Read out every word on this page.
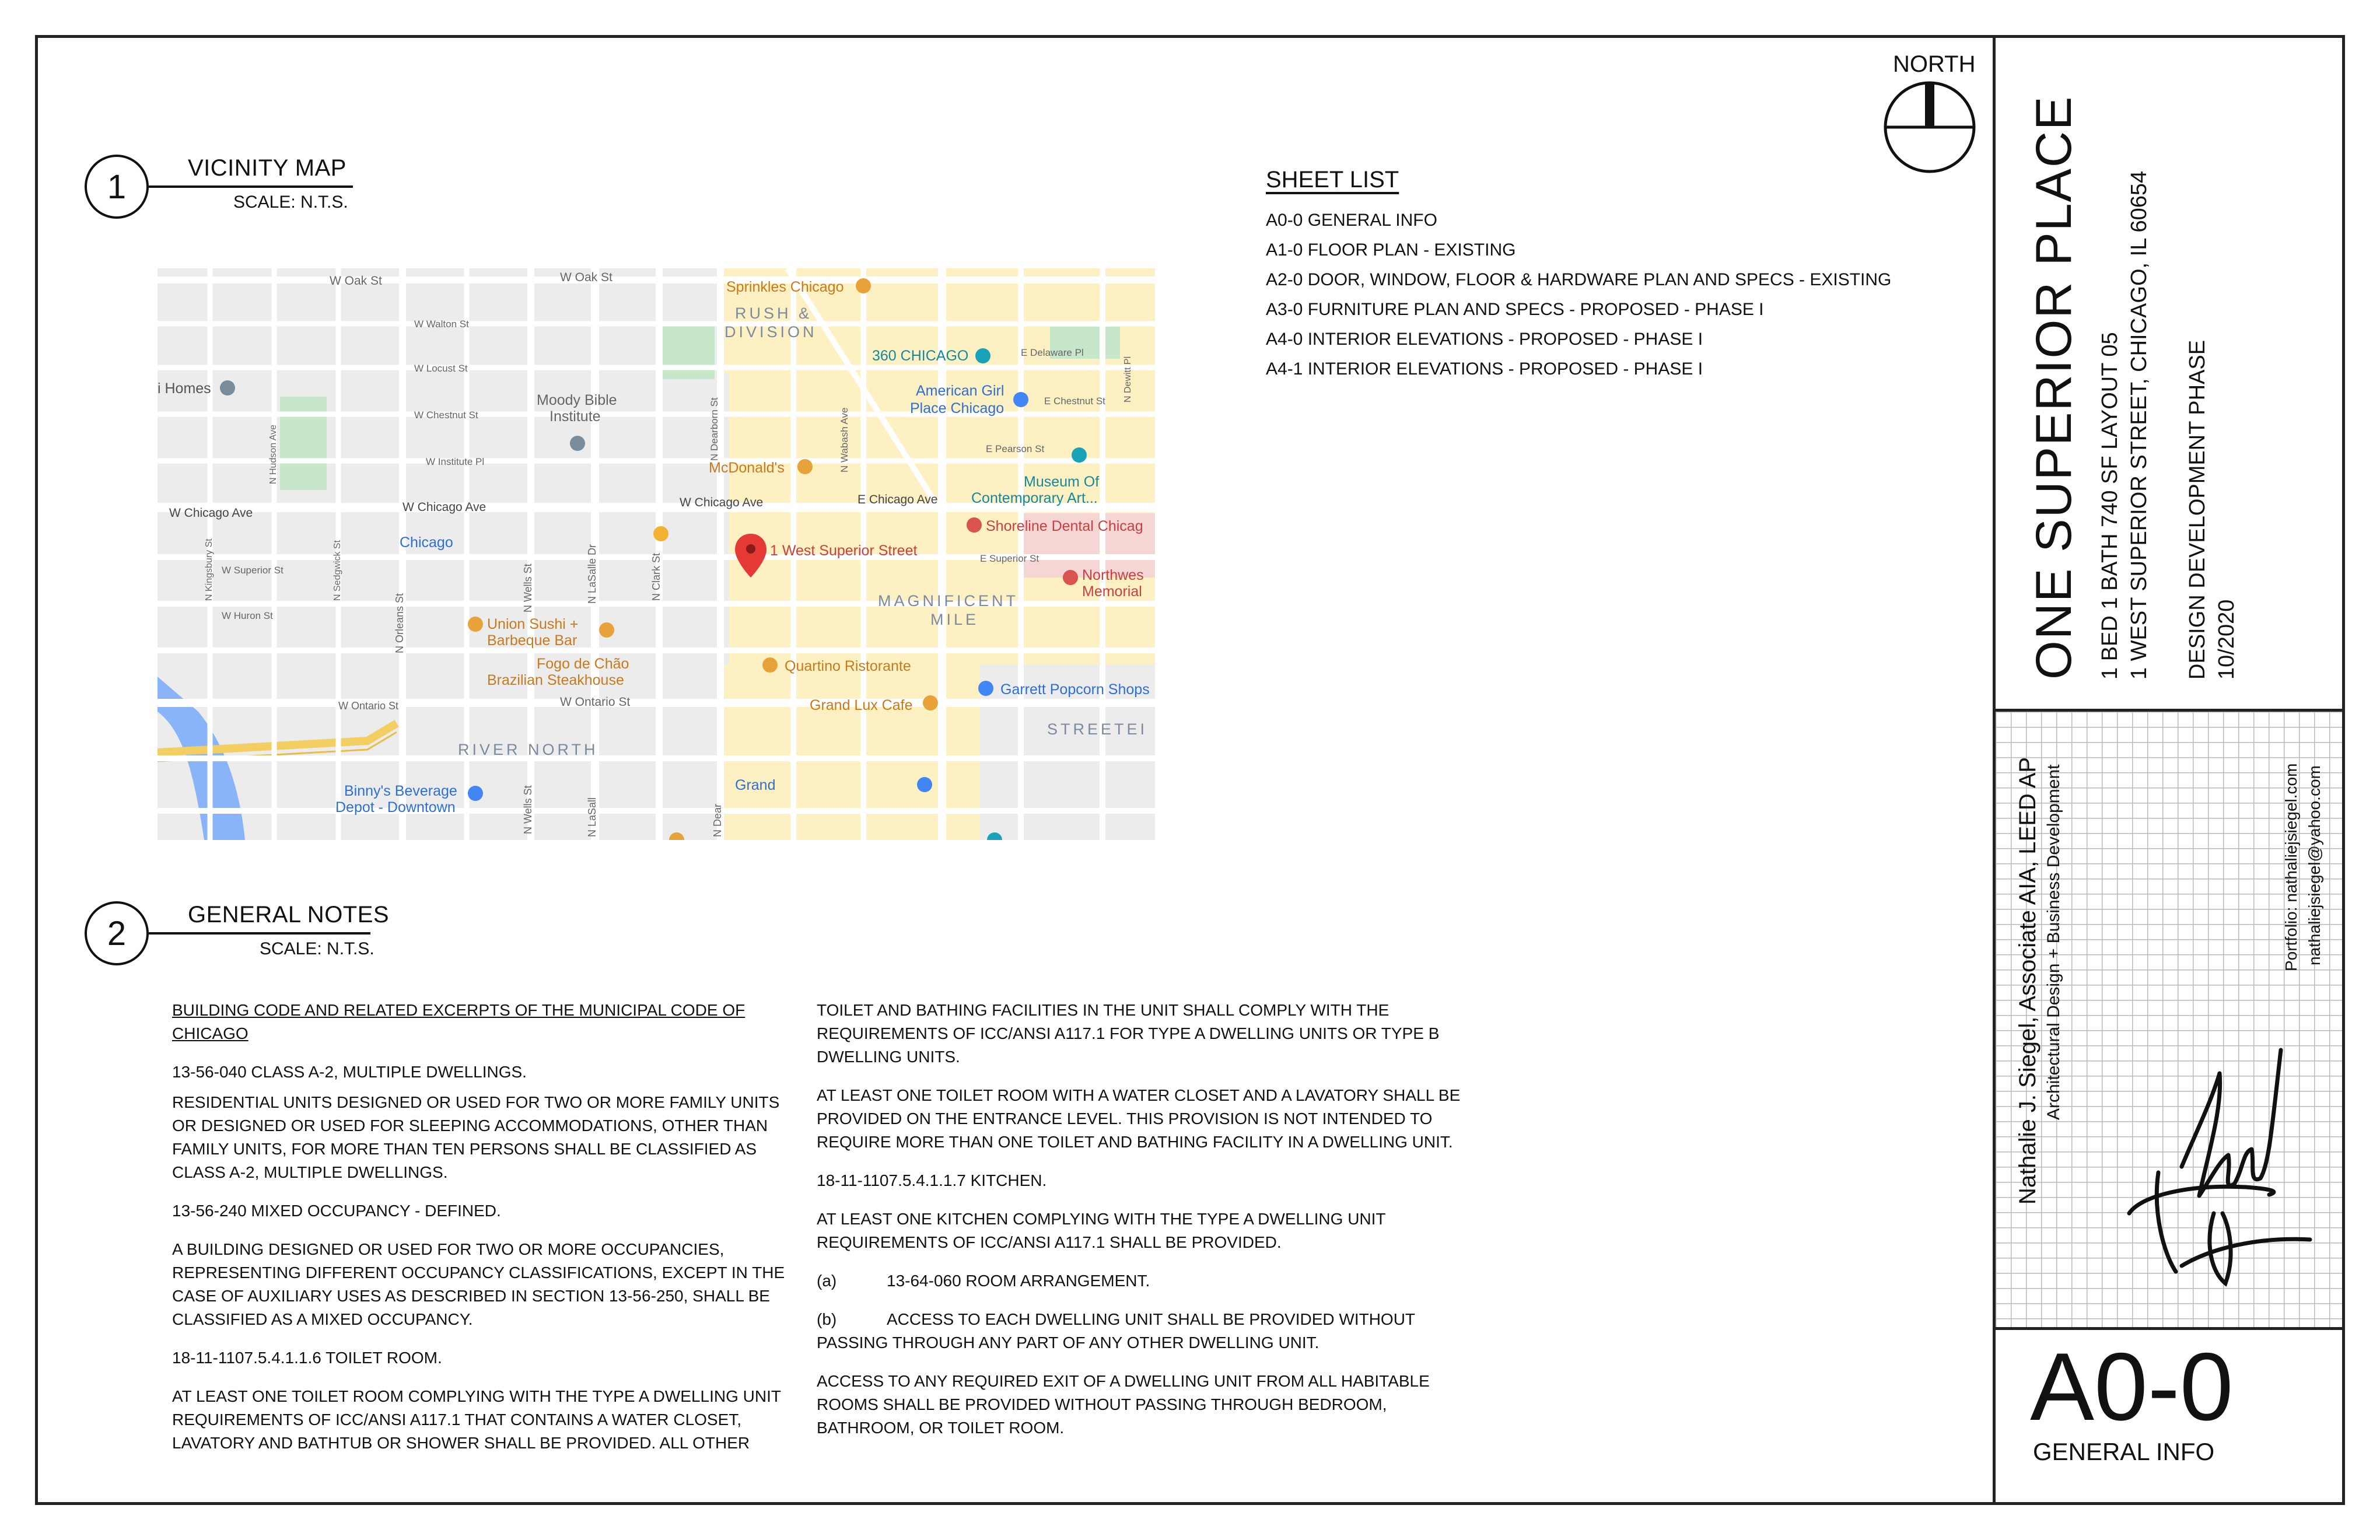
NORTH
1	VICINITY MAP
SCALE: N.T.S.
W Oak St	W Oak St
W Walton St
W Locust St
W Chestnut St
W Institute Pl
W Chicago Ave	W Chicago Ave	W Chicago Ave	E Chicago Ave
W Superior St
E Superior St
W Huron St
W Ontario St	W Ontario St
E Delaware Pl
E Chestnut St
E Pearson St
N Dearborn St	N Wabash Ave
N Dewitt Pl
N Hudson Ave
N Kingsbury St	N Sedgwick St
N Orleans St
N Wells St
N Wells St
N LaSalle Dr
N LaSall
N Clark St
N Dear
RUSH &
DIVISION
MAGNIFICENT
MILE
RIVER NORTH
STREETEI
Sprinkles Chicago
360 CHICAGO
i Homes
Moody Bible
Institute
American Girl
Place Chicago
McDonald's
Museum Of
Contemporary Art...
Shoreline Dental Chicag
Chicago	1 West Superior Street
Northwes
Memorial
Union Sushi +
Barbeque Bar
Fogo de Chão
Brazilian Steakhouse
Quartino Ristorante
Garrett Popcorn Shops
Grand Lux Cafe
Binny's Beverage
Depot - Downtown
Grand
SHEET LIST
A0-0 GENERAL INFO
A1-0 FLOOR PLAN - EXISTING
A2-0 DOOR, WINDOW, FLOOR & HARDWARE PLAN AND SPECS - EXISTING
A3-0 FURNITURE PLAN AND SPECS - PROPOSED - PHASE I
A4-0 INTERIOR ELEVATIONS - PROPOSED - PHASE I
A4-1 INTERIOR ELEVATIONS - PROPOSED - PHASE I
2	GENERAL NOTES
SCALE: N.T.S.

BUILDING CODE AND RELATED EXCERPTS OF THE MUNICIPAL CODE OF CHICAGO

13-56-040 CLASS A-2, MULTIPLE DWELLINGS.

RESIDENTIAL UNITS DESIGNED OR USED FOR TWO OR MORE FAMILY UNITS OR DESIGNED OR USED FOR SLEEPING ACCOMMODATIONS, OTHER THAN FAMILY UNITS, FOR MORE THAN TEN PERSONS SHALL BE CLASSIFIED AS CLASS A-2, MULTIPLE DWELLINGS.

13-56-240 MIXED OCCUPANCY - DEFINED.

A BUILDING DESIGNED OR USED FOR TWO OR MORE OCCUPANCIES, REPRESENTING DIFFERENT OCCUPANCY CLASSIFICATIONS, EXCEPT IN THE CASE OF AUXILIARY USES AS DESCRIBED IN SECTION 13-56-250, SHALL BE CLASSIFIED AS A MIXED OCCUPANCY.

18-11-1107.5.4.1.1.6 TOILET ROOM.

AT LEAST ONE TOILET ROOM COMPLYING WITH THE TYPE A DWELLING UNIT REQUIREMENTS OF ICC/ANSI A117.1 THAT CONTAINS A WATER CLOSET, LAVATORY AND BATHTUB OR SHOWER SHALL BE PROVIDED. ALL OTHER

TOILET AND BATHING FACILITIES IN THE UNIT SHALL COMPLY WITH THE REQUIREMENTS OF ICC/ANSI A117.1 FOR TYPE A DWELLING UNITS OR TYPE B DWELLING UNITS.

AT LEAST ONE TOILET ROOM WITH A WATER CLOSET AND A LAVATORY SHALL BE PROVIDED ON THE ENTRANCE LEVEL. THIS PROVISION IS NOT INTENDED TO REQUIRE MORE THAN ONE TOILET AND BATHING FACILITY IN A DWELLING UNIT.

18-11-1107.5.4.1.1.7 KITCHEN.

AT LEAST ONE KITCHEN COMPLYING WITH THE TYPE A DWELLING UNIT REQUIREMENTS OF ICC/ANSI A117.1 SHALL BE PROVIDED.

(a)	13-64-060 ROOM ARRANGEMENT.

(b)	ACCESS TO EACH DWELLING UNIT SHALL BE PROVIDED WITHOUT
PASSING THROUGH ANY PART OF ANY OTHER DWELLING UNIT.

ACCESS TO ANY REQUIRED EXIT OF A DWELLING UNIT FROM ALL HABITABLE ROOMS SHALL BE PROVIDED WITHOUT PASSING THROUGH BEDROOM, BATHROOM, OR TOILET ROOM.

ONE SUPERIOR PLACE 1 BED 1 BATH 740 SF LAYOUT 05 1 WEST SUPERIOR STREET, CHICAGO, IL 60654 DESIGN DEVELOPMENT PHASE 10/2020
Nathalie J. Siegel, Associate AIA, LEED AP Architectural Design + Business Development	Portfolio: nathaliejsiegel.com nathaliejsiegel@yahoo.com
A0-0
GENERAL INFO
